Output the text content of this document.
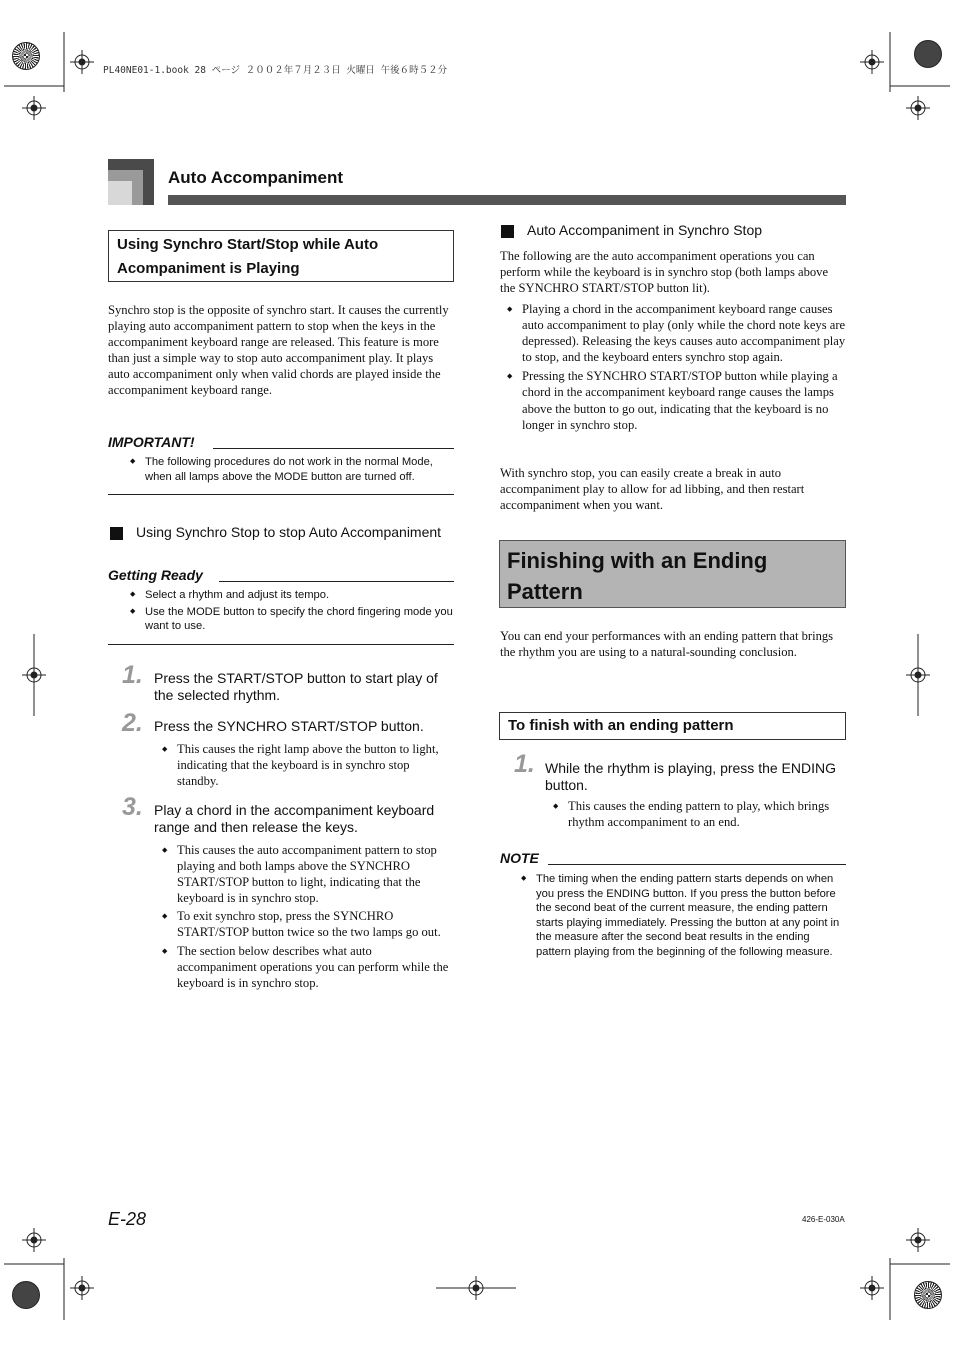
PL40NE01-1.book 28 ページ ２００２年７月２３日 火曜日 午後６時５２分
Auto Accompaniment
Using Synchro Start/Stop while Auto Acompaniment is Playing
Synchro stop is the opposite of synchro start. It causes the currently playing auto accompaniment pattern to stop when the keys in the accompaniment keyboard range are released. This feature is more than just a simple way to stop auto accompaniment play. It plays auto accompaniment only when valid chords are played inside the accompaniment keyboard range.
IMPORTANT!
◆ The following procedures do not work in the normal Mode, when all lamps above the MODE button are turned off.
Using Synchro Stop to stop Auto Accompaniment
Getting Ready
◆ Select a rhythm and adjust its tempo.
◆ Use the MODE button to specify the chord fingering mode you want to use.
1. Press the START/STOP button to start play of the selected rhythm.
2. Press the SYNCHRO START/STOP button.
◆ This causes the right lamp above the button to light, indicating that the keyboard is in synchro stop standby.
3. Play a chord in the accompaniment keyboard range and then release the keys.
◆ This causes the auto accompaniment pattern to stop playing and both lamps above the SYNCHRO START/STOP button to light, indicating that the keyboard is in synchro stop.
◆ To exit synchro stop, press the SYNCHRO START/STOP button twice so the two lamps go out.
◆ The section below describes what auto accompaniment operations you can perform while the keyboard is in synchro stop.
Auto Accompaniment in Synchro Stop
The following are the auto accompaniment operations you can perform while the keyboard is in synchro stop (both lamps above the SYNCHRO START/STOP button lit).
◆ Playing a chord in the accompaniment keyboard range causes auto accompaniment to play (only while the chord note keys are depressed). Releasing the keys causes auto accompaniment play to stop, and the keyboard enters synchro stop again.
◆ Pressing the SYNCHRO START/STOP button while playing a chord in the accompaniment keyboard range causes the lamps above the button to go out, indicating that the keyboard is no longer in synchro stop.
With synchro stop, you can easily create a break in auto accompaniment play to allow for ad libbing, and then restart accompaniment when you want.
Finishing with an Ending Pattern
You can end your performances with an ending pattern that brings the rhythm you are using to a natural-sounding conclusion.
To finish with an ending pattern
1. While the rhythm is playing, press the ENDING button.
◆ This causes the ending pattern to play, which brings rhythm accompaniment to an end.
NOTE
◆ The timing when the ending pattern starts depends on when you press the ENDING button. If you press the button before the second beat of the current measure, the ending pattern starts playing immediately. Pressing the button at any point in the measure after the second beat results in the ending pattern playing from the beginning of the following measure.
E-28	426-E-030A
